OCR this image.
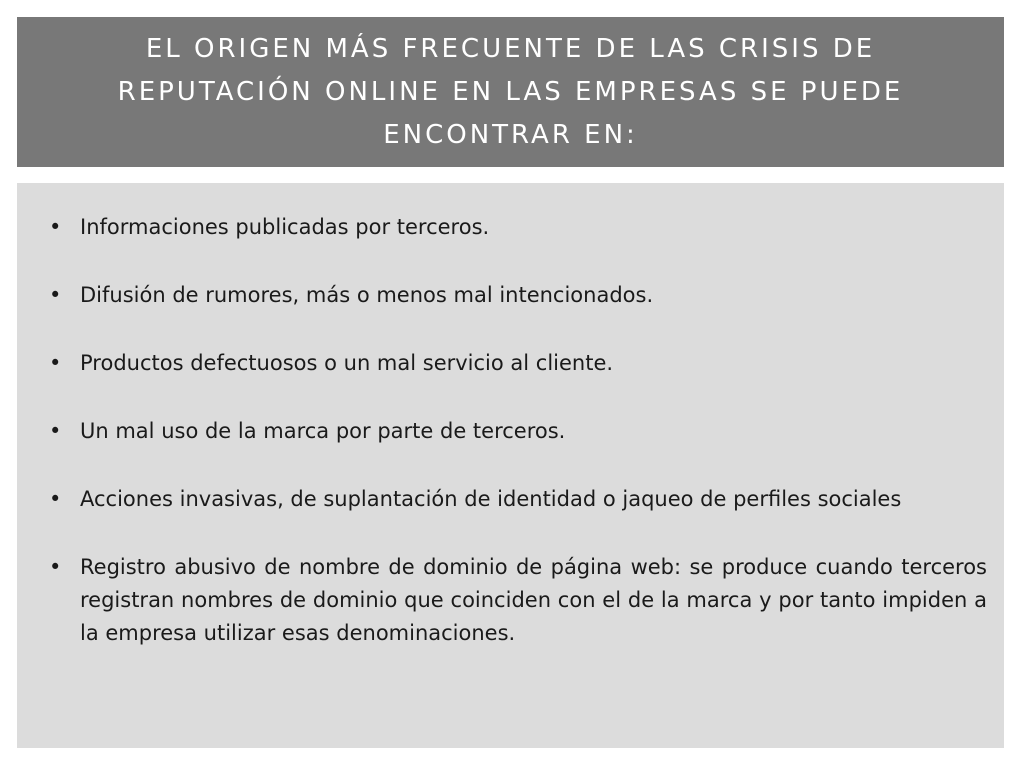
EL ORIGEN MÁS FRECUENTE DE LAS CRISIS DE REPUTACIÓN ONLINE EN LAS EMPRESAS SE PUEDE ENCONTRAR EN:
• Informaciones publicadas por terceros.
• Difusión de rumores, más o menos mal intencionados.
• Productos defectuosos o un mal servicio al cliente.
• Un mal uso de la marca por parte de terceros.
• Acciones invasivas, de suplantación de identidad o jaqueo de perfiles sociales
• Registro abusivo de nombre de dominio de página web: se produce cuando terceros registran nombres de dominio que coinciden con el de la marca y por tanto impiden a la empresa utilizar esas denominaciones.
